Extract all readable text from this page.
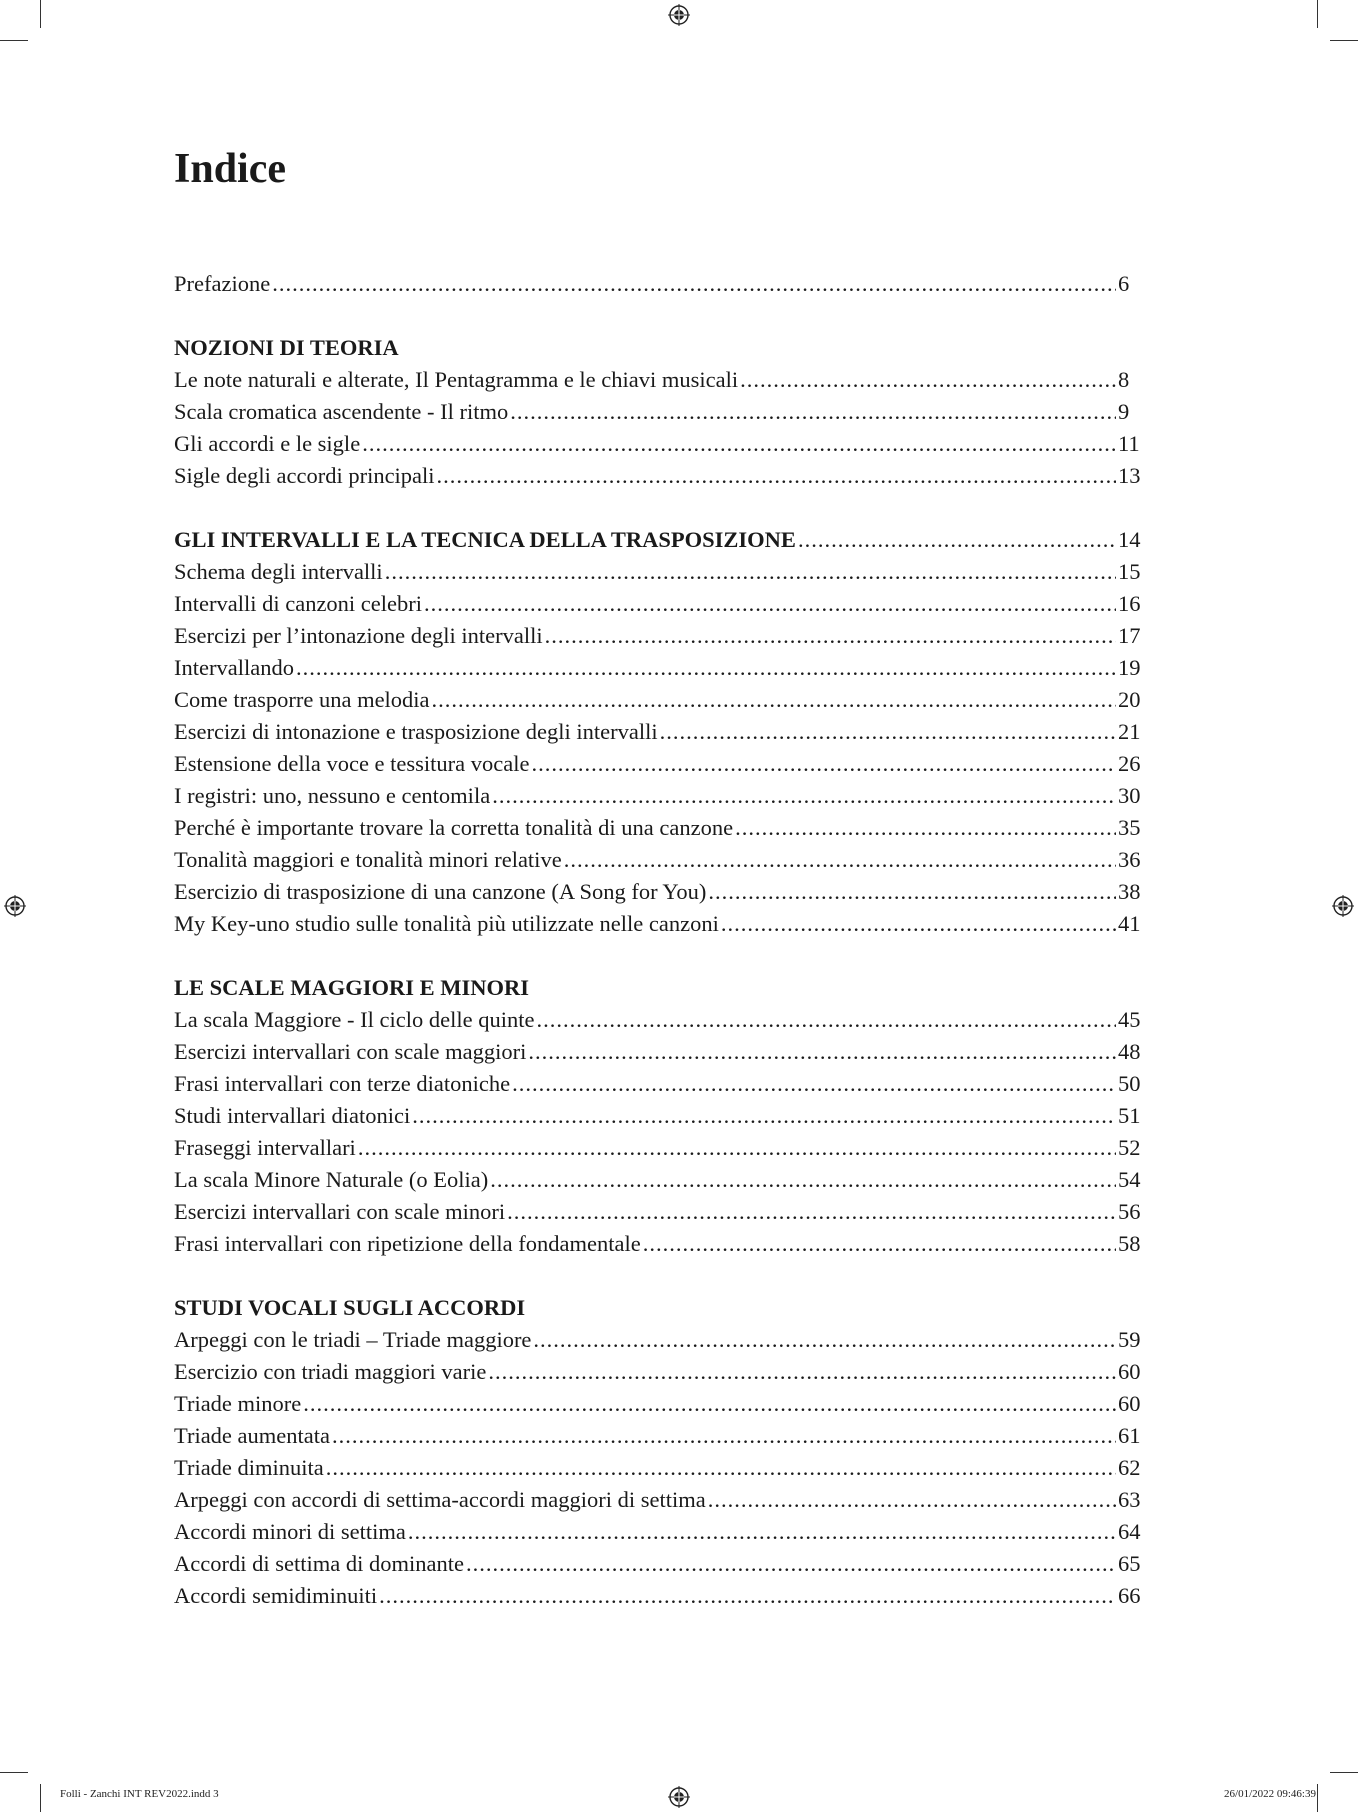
Indice
Prefazione .....	6
NOZIONI DI TEORIA
Le note naturali e alterate, Il Pentagramma e le chiavi musicali .....	8
Scala cromatica ascendente - Il ritmo .....	9
Gli accordi e le sigle .....	11
Sigle degli accordi principali .....	13
GLI INTERVALLI E LA TECNICA DELLA TRASPOSIZIONE .....	14
Schema degli intervalli .....	15
Intervalli di canzoni celebri .....	16
Esercizi per l’intonazione degli intervalli .....	17
Intervallando .....	19
Come trasporre una melodia .....	20
Esercizi di intonazione e trasposizione degli intervalli .....	21
Estensione della voce e tessitura vocale .....	26
I registri: uno, nessuno e centomila .....	30
Perché è importante trovare la corretta tonalità di una canzone .....	35
Tonalità maggiori e tonalità minori relative .....	36
Esercizio di trasposizione di una canzone (A Song for You) .....	38
My Key-uno studio sulle tonalità più utilizzate nelle canzoni .....	41
LE SCALE MAGGIORI E MINORI
La scala Maggiore - Il ciclo delle quinte .....	45
Esercizi intervallari con scale maggiori .....	48
Frasi intervallari con terze diatoniche .....	50
Studi intervallari diatonici .....	51
Fraseggi intervallari .....	52
La scala Minore Naturale (o Eolia) .....	54
Esercizi intervallari con scale minori .....	56
Frasi intervallari con ripetizione della fondamentale .....	58
STUDI VOCALI SUGLI ACCORDI
Arpeggi con le triadi – Triade maggiore .....	59
Esercizio con triadi maggiori varie .....	60
Triade minore .....	60
Triade aumentata .....	61
Triade diminuita .....	62
Arpeggi con accordi di settima-accordi maggiori di settima .....	63
Accordi minori di settima .....	64
Accordi di settima di dominante .....	65
Accordi semidiminuiti .....	66
Folli - Zanchi INT REV2022.indd 3	26/01/2022 09:46:39
